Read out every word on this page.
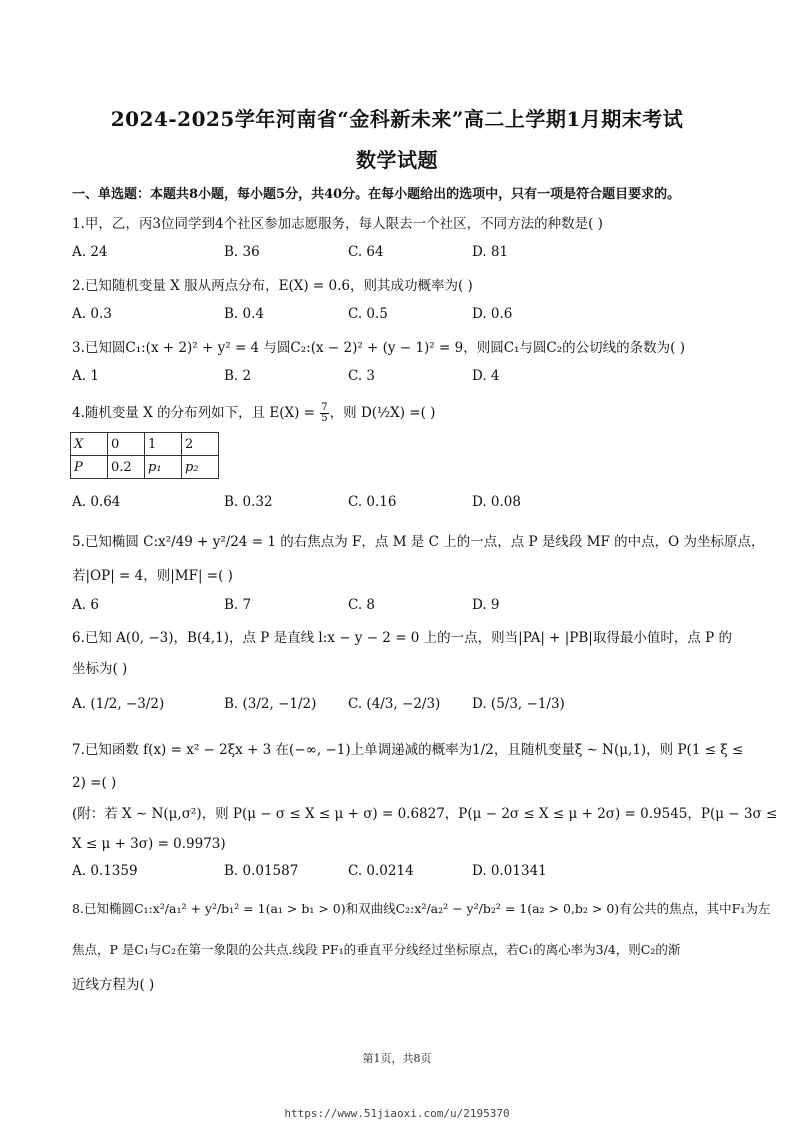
2024-2025学年河南省“金科新未来”高二上学期1月期末考试
数学试题
一、单选题：本题共8小题，每小题5分，共40分。在每小题给出的选项中，只有一项是符合题目要求的。
1.甲，乙，丙3位同学到4个社区参加志愿服务，每人限去一个社区，不同方法的种数是( )
A. 24	B. 36	C. 64	D. 81
2.已知随机变量 X 服从两点分布，E(X) = 0.6，则其成功概率为( )
A. 0.3	B. 0.4	C. 0.5	D. 0.6
3.已知圆C₁:(x + 2)² + y² = 4 与圆C₂:(x − 2)² + (y − 1)² = 9，则圆C₁与圆C₂的公切线的条数为( )
A. 1	B. 2	C. 3	D. 4
4.随机变量 X 的分布列如下，且 $E(X) = \frac{7}{5}$ ，则 D(½X) =( )
X	0	1	2
P	0.2	p₁	p₂
A. 0.64	B. 0.32	C. 0.16	D. 0.08
5.已知椭圆 C:x²/49 + y²/24 = 1 的右焦点为 F，点 M 是 C 上的一点，点 P 是线段 MF 的中点，O 为坐标原点，
若|OP| = 4，则|MF| =( )
A. 6	B. 7	C. 8	D. 9
6.已知 A(0, −3)，B(4,1)，点 P 是直线 l:x − y − 2 = 0 上的一点，则当|PA| + |PB|取得最小值时，点 P 的
坐标为( )
A. (1/2, −3/2)	B. (3/2, −1/2) C. (4/3, −2/3) D. (5/3, −1/3)
7.已知函数 f(x) = x² − 2ξx + 3 在(−∞, −1)上单调递减的概率为1/2，且随机变量ξ ∼ N(μ,1)，则 P(1 ≤ ξ ≤
2) =( )
(附：若 X ∼ N(μ,σ²)，则 P(μ − σ ≤ X ≤ μ + σ) = 0.6827，P(μ − 2σ ≤ X ≤ μ + 2σ) = 0.9545，P(μ − 3σ ≤
X ≤ μ + 3σ) = 0.9973)
A. 0.1359	B. 0.01587	C. 0.0214	D. 0.01341
8.已知椭圆C₁:x²/a₁² + y²/b₁² = 1(a₁ > b₁ > 0)和双曲线C₂:x²/a₂² − y²/b₂² = 1(a₂ > 0,b₂ > 0)有公共的焦点，其中F₁为左
焦点，P 是C₁与C₂在第一象限的公共点.线段 PF₁的垂直平分线经过坐标原点，若C₁的离心率为3/4，则C₂的渐
近线方程为( )
第1页，共8页
https://www.51jiaoxi.com/u/2195370
